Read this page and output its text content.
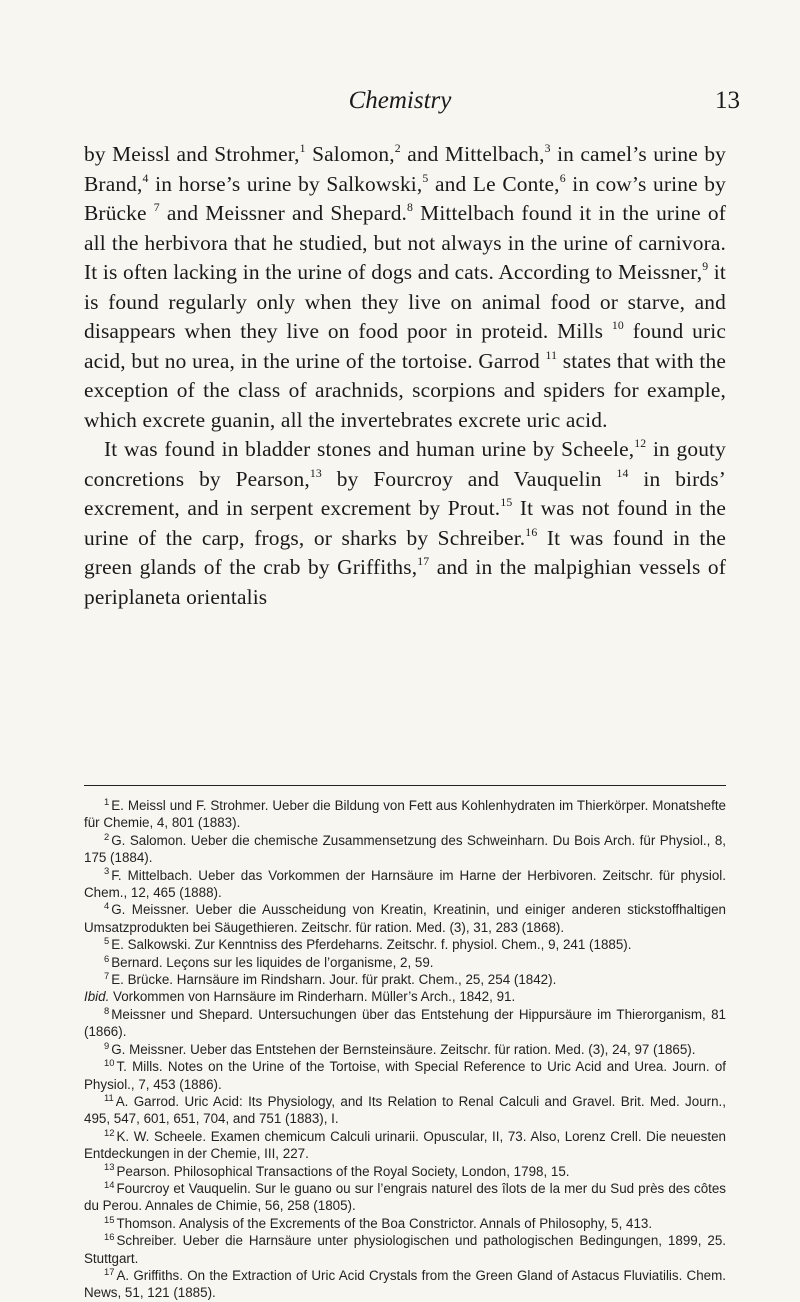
Chemistry	13

by Meissl and Strohmer,$^1$ Salomon,$^2$ and Mittelbach,$^3$ in camel’s urine by Brand,$^4$ in horse’s urine by Salkowski,$^5$ and Le Conte,$^6$ in cow’s urine by Brücke $^7$ and Meissner and Shepard.$^8$ Mittelbach found it in the urine of all the herbivora that he studied, but not always in the urine of carnivora. It is often lacking in the urine of dogs and cats. According to Meissner,$^9$ it is found regularly only when they live on animal food or starve, and disappears when they live on food poor in proteid. Mills $^{10}$ found uric acid, but no urea, in the urine of the tortoise. Garrod $^{11}$ states that with the exception of the class of arachnids, scorpions and spiders for example, which excrete guanin, all the invertebrates excrete uric acid.

It was found in bladder stones and human urine by Scheele,$^{12}$ in gouty concretions by Pearson,$^{13}$ by Fourcroy and Vauquelin $^{14}$ in birds’ excrement, and in serpent excrement by Prout.$^{15}$ It was not found in the urine of the carp, frogs, or sharks by Schreiber.$^{16}$ It was found in the green glands of the crab by Griffiths,$^{17}$ and in the malpighian vessels of periplaneta orientalis

$^1$ E. Meissl und F. Strohmer. Ueber die Bildung von Fett aus Kohlenhydraten im Thierkörper. Monatshefte für Chemie, 4, 801 (1883).

$^2$ G. Salomon. Ueber die chemische Zusammensetzung des Schweinharn. Du Bois Arch. für Physiol., 8, 175 (1884).

$^3$ F. Mittelbach. Ueber das Vorkommen der Harnsäure im Harne der Herbivoren. Zeitschr. für physiol. Chem., 12, 465 (1888).

$^4$ G. Meissner. Ueber die Ausscheidung von Kreatin, Kreatinin, und einiger anderen stickstoffhaltigen Umsatzprodukten bei Säugethieren. Zeitschr. für ration. Med. (3), 31, 283 (1868).

$^5$ E. Salkowski. Zur Kenntniss des Pferdeharns. Zeitschr. f. physiol. Chem., 9, 241 (1885).

$^6$ Bernard. Leçons sur les liquides de l’organisme, 2, 59.

$^7$ E. Brücke. Harnsäure im Rindsharn. Jour. für prakt. Chem., 25, 254 (1842).
Ibid. Vorkommen von Harnsäure im Rinderharn. Müller’s Arch., 1842, 91.

$^8$ Meissner und Shepard. Untersuchungen über das Entstehung der Hippursäure im Thierorganism, 81 (1866).

$^9$ G. Meissner. Ueber das Entstehen der Bernsteinsäure. Zeitschr. für ration. Med. (3), 24, 97 (1865).

$^{10}$ T. Mills. Notes on the Urine of the Tortoise, with Special Reference to Uric Acid and Urea. Journ. of Physiol., 7, 453 (1886).

$^{11}$ A. Garrod. Uric Acid: Its Physiology, and Its Relation to Renal Calculi and Gravel. Brit. Med. Journ., 495, 547, 601, 651, 704, and 751 (1883), I.

$^{12}$ K. W. Scheele. Examen chemicum Calculi urinarii. Opuscular, II, 73. Also, Lorenz Crell. Die neuesten Entdeckungen in der Chemie, III, 227.

$^{13}$ Pearson. Philosophical Transactions of the Royal Society, London, 1798, 15.

$^{14}$ Fourcroy et Vauquelin. Sur le guano ou sur l’engrais naturel des îlots de la mer du Sud près des côtes du Perou. Annales de Chimie, 56, 258 (1805).

$^{15}$ Thomson. Analysis of the Excrements of the Boa Constrictor. Annals of Philosophy, 5, 413.

$^{16}$ Schreiber. Ueber die Harnsäure unter physiologischen und pathologischen Bedingungen, 1899, 25. Stuttgart.

$^{17}$ A. Griffiths. On the Extraction of Uric Acid Crystals from the Green Gland of Astacus Fluviatilis. Chem. News, 51, 121 (1885).
